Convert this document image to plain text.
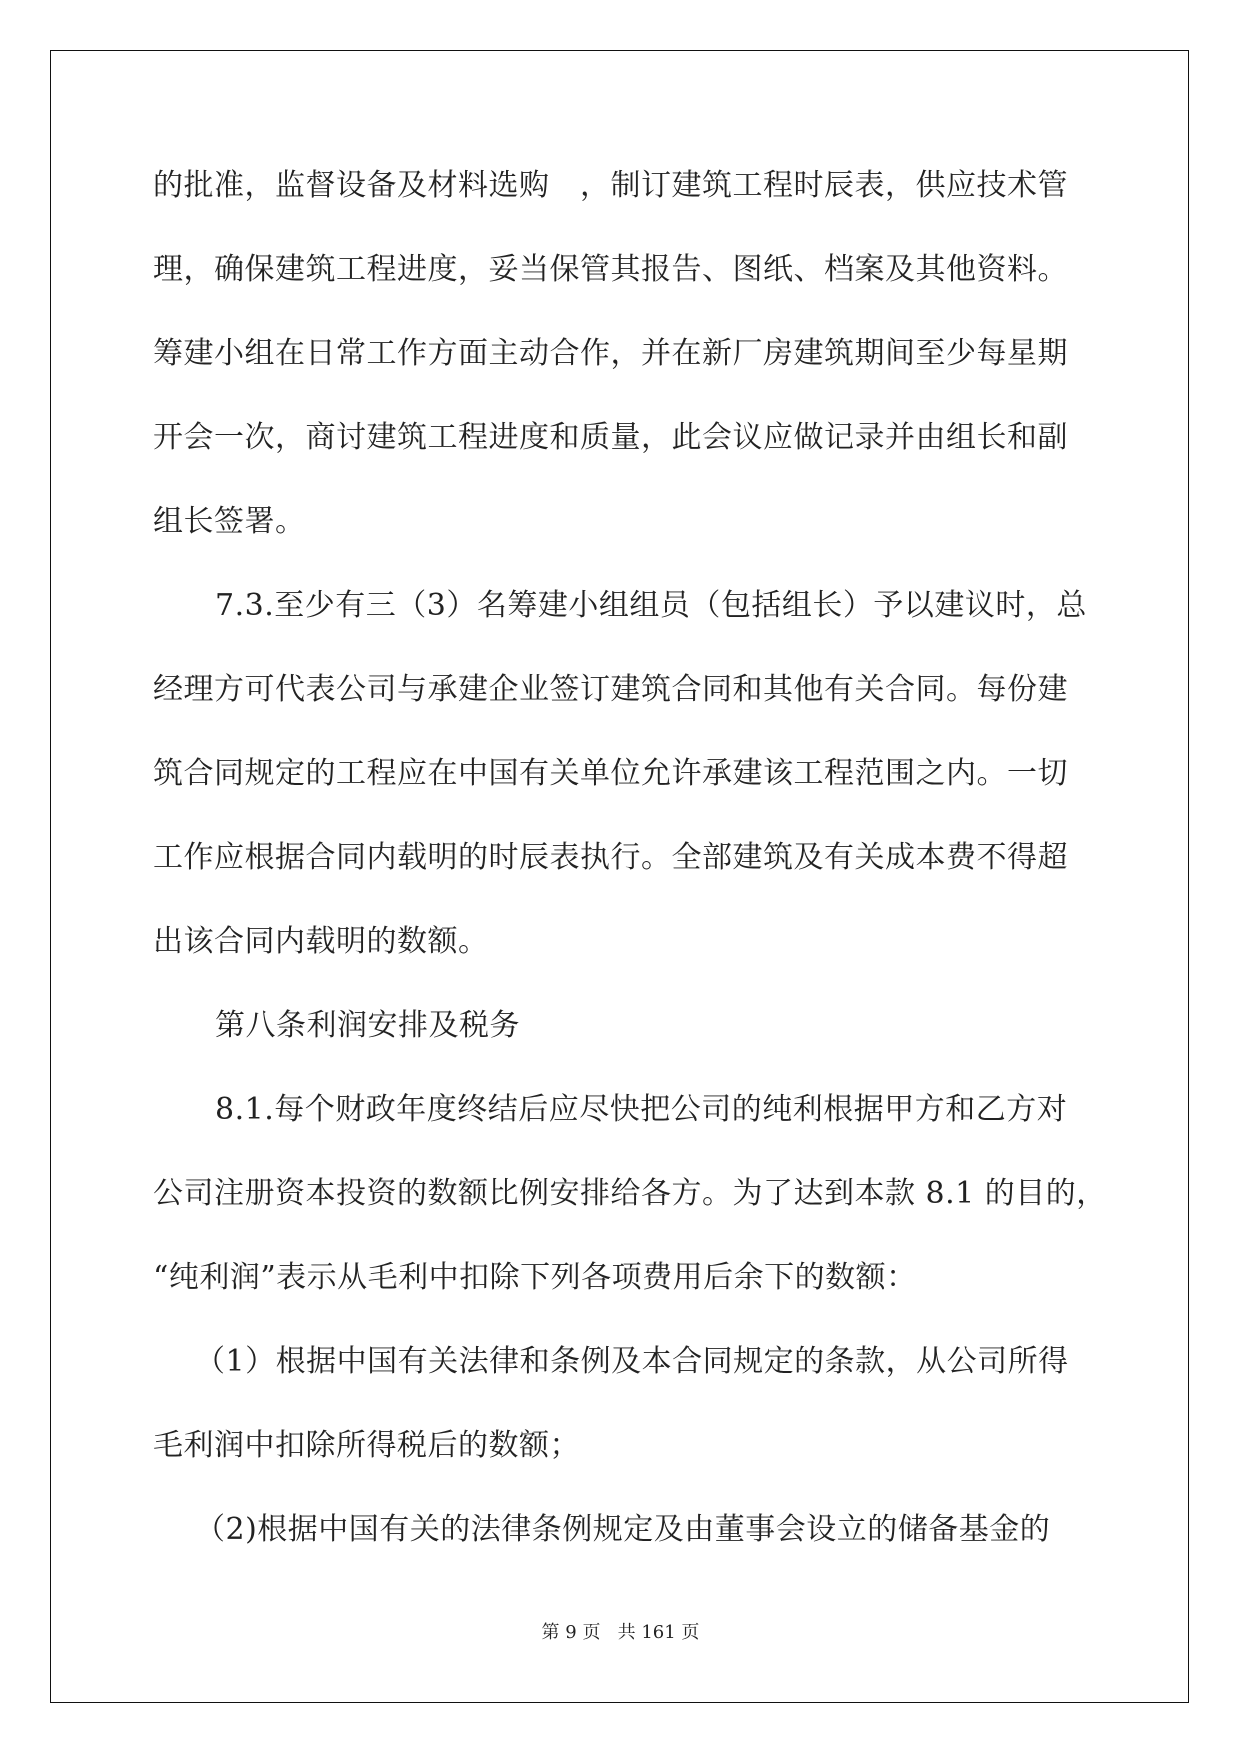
的批准，监督设备及材料选购　，制订建筑工程时辰表，供应技术管
理，确保建筑工程进度，妥当保管其报告、图纸、档案及其他资料。
筹建小组在日常工作方面主动合作，并在新厂房建筑期间至少每星期
开会一次，商讨建筑工程进度和质量，此会议应做记录并由组长和副
组长签署。
7.3.至少有三（3）名筹建小组组员（包括组长）予以建议时，总
经理方可代表公司与承建企业签订建筑合同和其他有关合同。每份建
筑合同规定的工程应在中国有关单位允许承建该工程范围之内。一切
工作应根据合同内载明的时辰表执行。全部建筑及有关成本费不得超
出该合同内载明的数额。
第八条利润安排及税务
8.1.每个财政年度终结后应尽快把公司的纯利根据甲方和乙方对
公司注册资本投资的数额比例安排给各方。为了达到本款 8.1 的目的，
“纯利润”表示从毛利中扣除下列各项费用后余下的数额：
（1）根据中国有关法律和条例及本合同规定的条款，从公司所得
毛利润中扣除所得税后的数额；
（2)根据中国有关的法律条例规定及由董事会设立的储备基金的
第 9 页 共 161 页
